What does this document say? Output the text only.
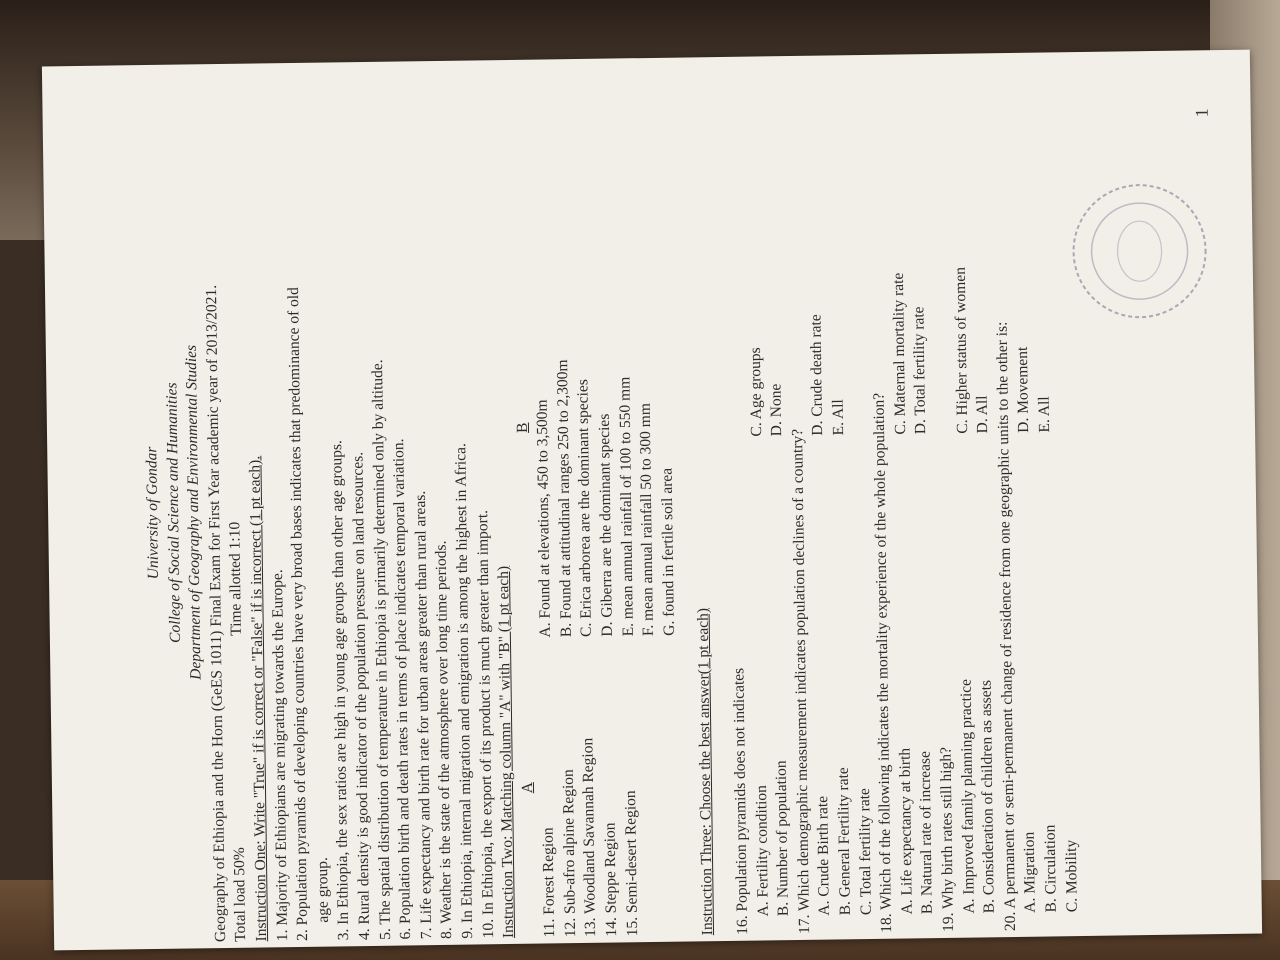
University of Gondar College of Social Science and Humanities Department of Geography and Environmental Studies
Geography of Ethiopia and the Horn (GeES 1011) Final Exam for First Year academic year of 2013/2021. Total load 50%
Time allotted 1:10 Instruction One: Write "True" if is correct or "False" if is incorrect (1 pt each).
1. Majority of Ethiopians are migrating towards the Europe.
2. Population pyramids of developing countries have very broad bases indicates that predominance of old age group.
3. In Ethiopia, the sex ratios are high in young age groups than other age groups.
4. Rural density is good indicator of the population pressure on land resources.
5. The spatial distribution of temperature in Ethiopia is primarily determined only by altitude.
6. Population birth and death rates in terms of place indicates temporal variation.
7. Life expectancy and birth rate for urban areas greater than rural areas.
8. Weather is the state of the atmosphere over long time periods.
9. In Ethiopia, internal migration and emigration is among the highest in Africa.
10. In Ethiopia, the export of its product is much greater than import.
Instruction Two: Matching column "A" with "B" (1 pt each) A
11. Forest Region 12. Sub-afro alpine Region 13. Woodland Savannah Region 14. Steppe Region 15. Semi-desert Region
B A. Found at elevations, 450 to 3,500m B. Found at attitudinal ranges 250 to 2,300m C. Erica arborea are the dominant species D. Giberra are the dominant species E. mean annual rainfall of 100 to 550 mm F. mean annual rainfall 50 to 300 mm G. found in fertile soil area
Instruction Three: Choose the best answer(1 pt each) 16. Population pyramids does not indicates A. Fertility condition B. Number of population
C. Age groups D. None
17. Which demographic measurement indicates population declines of a country? A. Crude Birth rate B. General Fertility rate C. Total fertility rate
D. Crude death rate E. All	18. Which of the following indicates the mortality experience of the whole population? A. Life expectancy at birth B. Natural rate of increase
C. Maternal mortality rate D. Total fertility rate
19. Why birth rates still high? A. Improved family planning practice B. Consideration of children as assets
C. Higher status of women D. All 20. A permanent or semi-permanent change of residence from one geographic units to the other is: A. Migration B. Circulation C. Mobility
D. Movement E. All
1
